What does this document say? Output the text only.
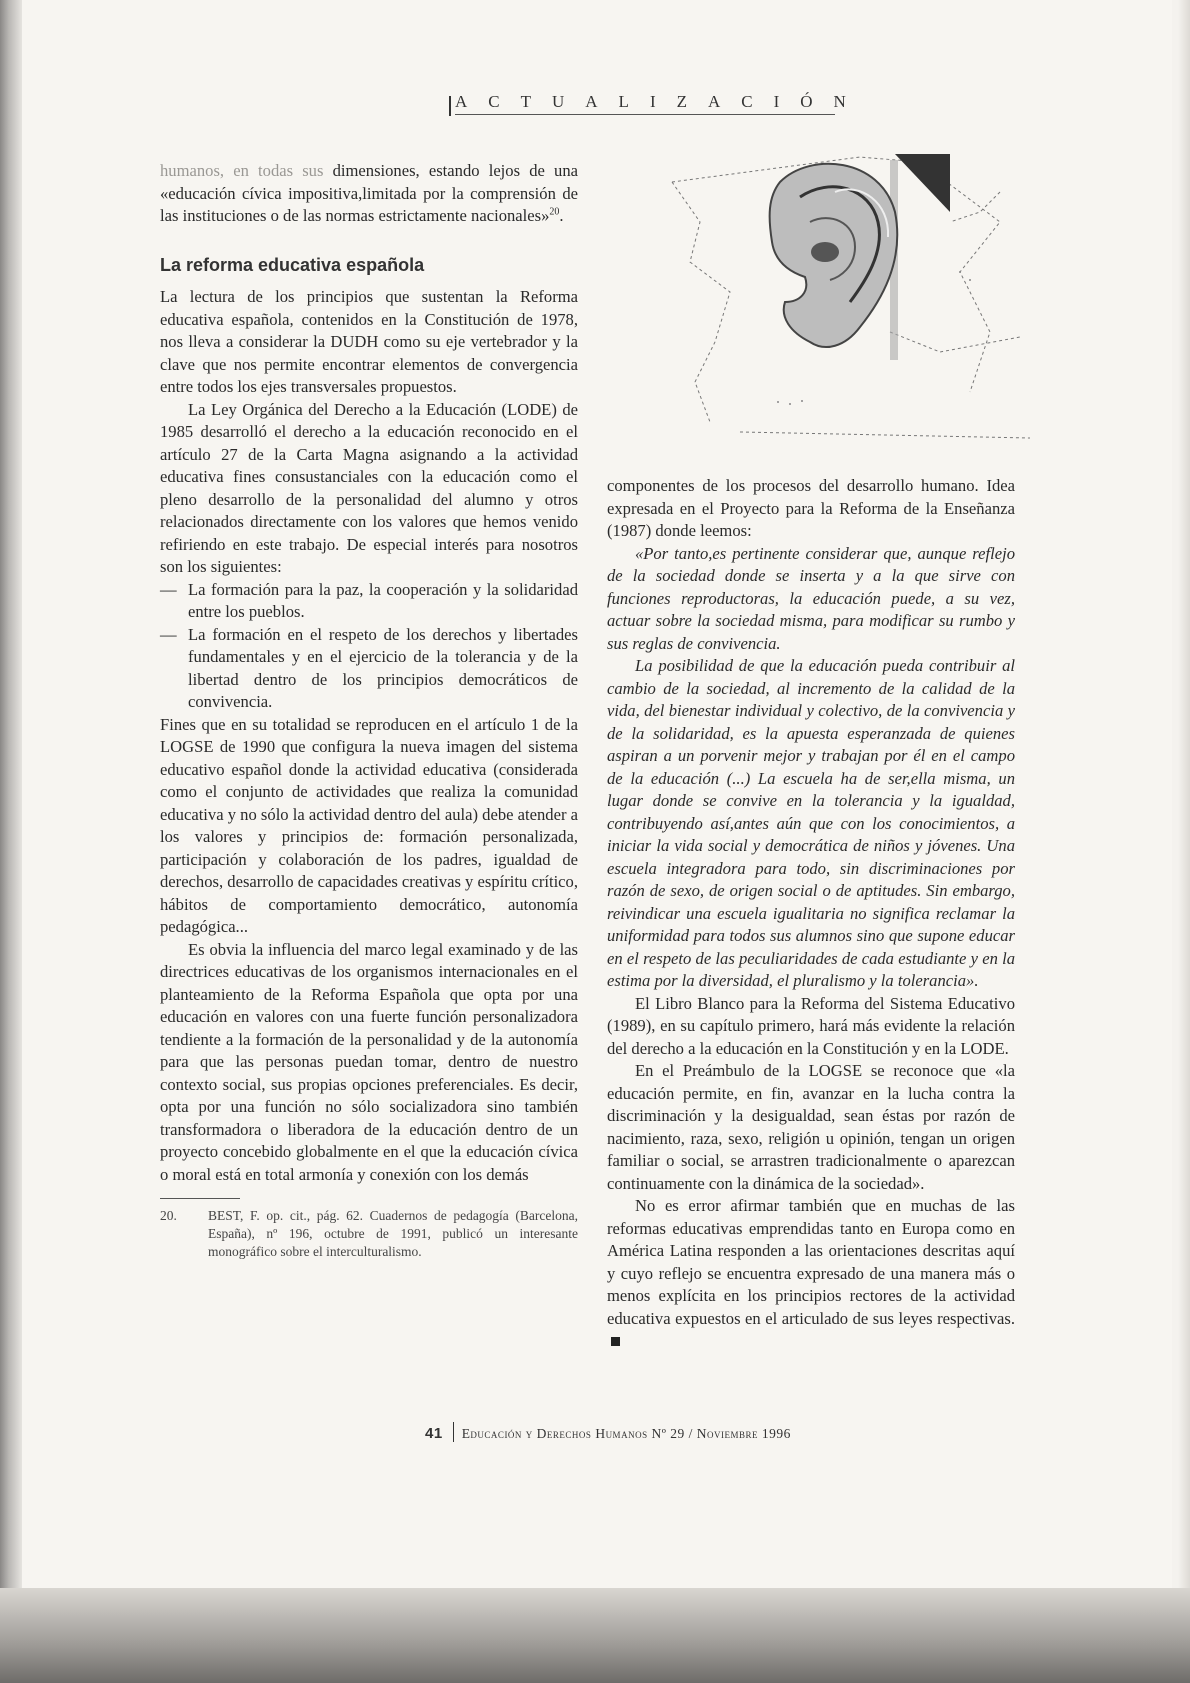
ACTUALIZACIÓN

humanos, en todas sus dimensiones, estando lejos de una «educación cívica impositiva,limitada por la comprensión de las instituciones o de las normas estrictamente nacionales»$^{20}$.

La reforma educativa española

La lectura de los principios que sustentan la Reforma educativa española, contenidos en la Constitución de 1978, nos lleva a considerar la DUDH como su eje vertebrador y la clave que nos permite encontrar elementos de convergencia entre todos los ejes transversales propuestos.

La Ley Orgánica del Derecho a la Educación (LODE) de 1985 desarrolló el derecho a la educación reconocido en el artículo 27 de la Carta Magna asignando a la actividad educativa fines consustanciales con la educación como el pleno desarrollo de la personalidad del alumno y otros relacionados directamente con los valores que hemos venido refiriendo en este trabajo. De especial interés para nosotros son los siguientes:

— La formación para la paz, la cooperación y la solidaridad entre los pueblos.
— La formación en el respeto de los derechos y libertades fundamentales y en el ejercicio de la tolerancia y de la libertad dentro de los principios democráticos de convivencia.

Fines que en su totalidad se reproducen en el artículo 1 de la LOGSE de 1990 que configura la nueva imagen del sistema educativo español donde la actividad educativa (considerada como el conjunto de actividades que realiza la comunidad educativa y no sólo la actividad dentro del aula) debe atender a los valores y principios de: formación personalizada, participación y colaboración de los padres, igualdad de derechos, desarrollo de capacidades creativas y espíritu crítico, hábitos de comportamiento democrático, autonomía pedagógica...

Es obvia la influencia del marco legal examinado y de las directrices educativas de los organismos internacionales en el planteamiento de la Reforma Española que opta por una educación en valores con una fuerte función personalizadora tendiente a la formación de la personalidad y de la autonomía para que las personas puedan tomar, dentro de nuestro contexto social, sus propias opciones preferenciales. Es decir, opta por una función no sólo socializadora sino también transformadora o liberadora de la educación dentro de un proyecto concebido globalmente en el que la educación cívica o moral está en total armonía y conexión con los demás

20.	BEST, F. op. cit., pág. 62. Cuadernos de pedagogía (Barcelona, España), nº 196, octubre de 1991, publicó un interesante monográfico sobre el interculturalismo.

componentes de los procesos del desarrollo humano. Idea expresada en el Proyecto para la Reforma de la Enseñanza (1987) donde leemos:

«Por tanto,es pertinente considerar que, aunque reflejo de la sociedad donde se inserta y a la que sirve con funciones reproductoras, la educación puede, a su vez, actuar sobre la sociedad misma, para modificar su rumbo y sus reglas de convivencia.

La posibilidad de que la educación pueda contribuir al cambio de la sociedad, al incremento de la calidad de la vida, del bienestar individual y colectivo, de la convivencia y de la solidaridad, es la apuesta esperanzada de quienes aspiran a un porvenir mejor y trabajan por él en el campo de la educación (...) La escuela ha de ser,ella misma, un lugar donde se convive en la tolerancia y la igualdad, contribuyendo así,antes aún que con los conocimientos, a iniciar la vida social y democrática de niños y jóvenes. Una escuela integradora para todo, sin discriminaciones por razón de sexo, de origen social o de aptitudes. Sin embargo, reivindicar una escuela igualitaria no significa reclamar la uniformidad para todos sus alumnos sino que supone educar en el respeto de las peculiaridades de cada estudiante y en la estima por la diversidad, el pluralismo y la tolerancia».

El Libro Blanco para la Reforma del Sistema Educativo (1989), en su capítulo primero, hará más evidente la relación del derecho a la educación en la Constitución y en la LODE.

En el Preámbulo de la LOGSE se reconoce que «la educación permite, en fin, avanzar en la lucha contra la discriminación y la desigualdad, sean éstas por razón de nacimiento, raza, sexo, religión u opinión, tengan un origen familiar o social, se arrastren tradicionalmente o aparezcan continuamente con la dinámica de la sociedad».

No es error afirmar también que en muchas de las reformas educativas emprendidas tanto en Europa como en América Latina responden a las orientaciones descritas aquí y cuyo reflejo se encuentra expresado de una manera más o menos explícita en los principios rectores de la actividad educativa expuestos en el articulado de sus leyes respectivas.

41 Educación y Derechos Humanos Nº 29 / Noviembre 1996
